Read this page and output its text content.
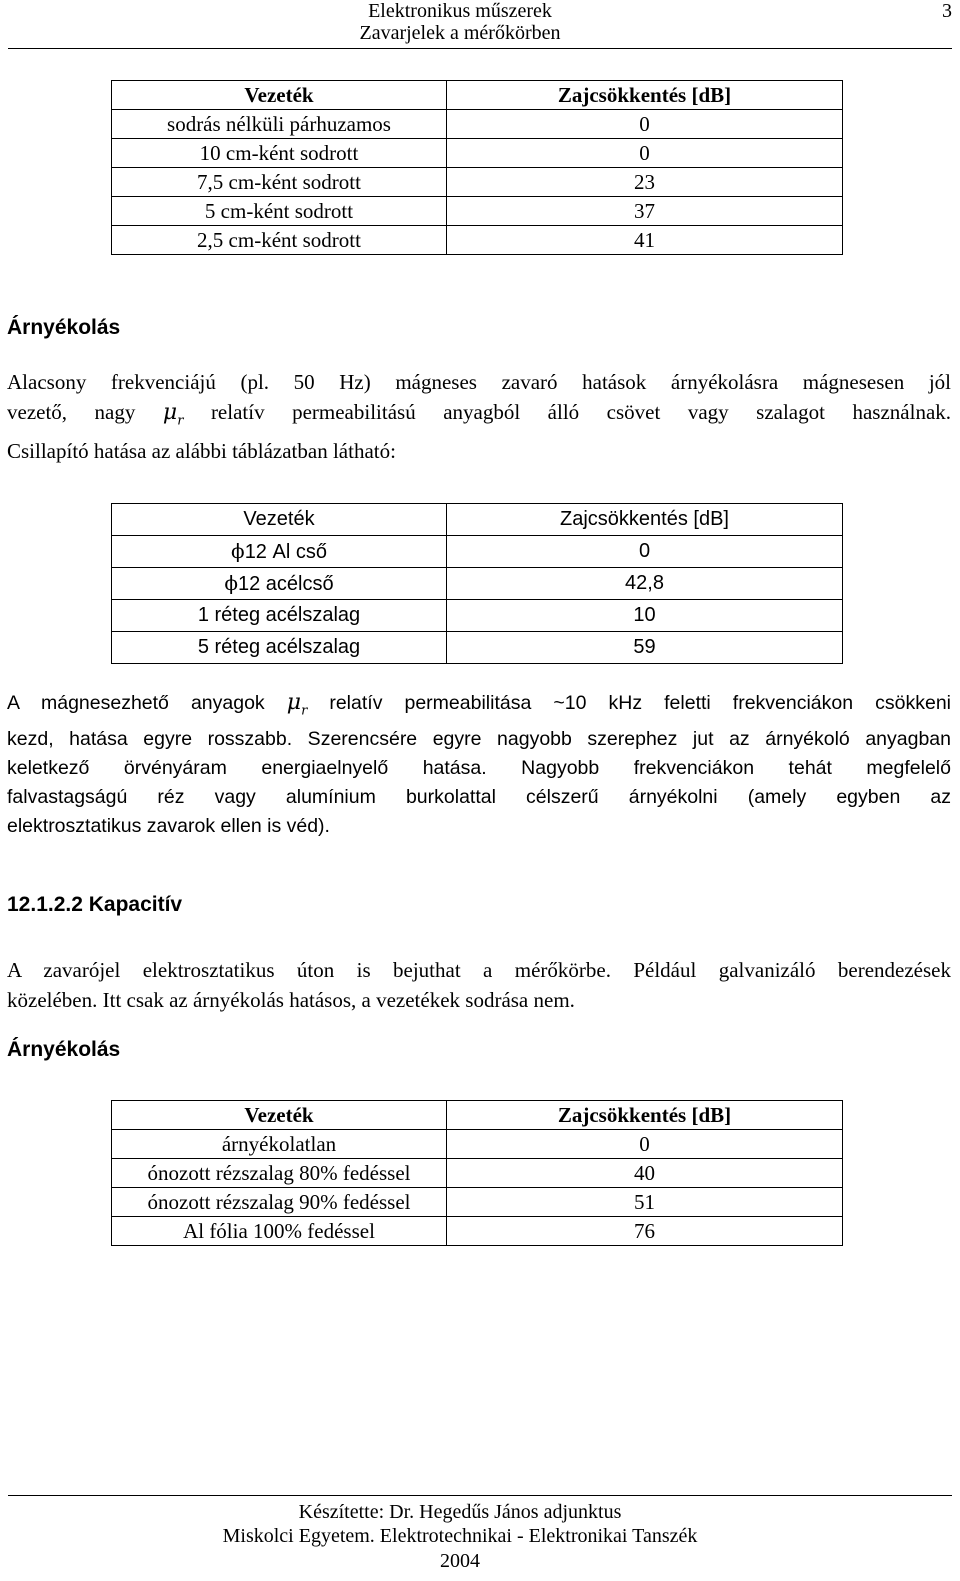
Elektronikus műszerek
Zavarjelek a mérőkörben
3
Vezeték	Zajcsökkentés [dB]
sodrás nélküli párhuzamos	0
10 cm-ként sodrott	0
7,5 cm-ként sodrott	23
5 cm-ként sodrott	37
2,5 cm-ként sodrott	41
Árnyékolás
Alacsony frekvenciájú (pl. 50 Hz) mágneses zavaró hatások árnyékolásra mágnesesen jól
vezető, nagy $\mu_r$ relatív permeabilitású anyagból álló csövet vagy szalagot használnak.
Csillapító hatása az alábbi táblázatban látható:
Vezeték	Zajcsökkentés [dB]
ϕ12 Al cső	0
ϕ12 acélcső	42,8
1 réteg acélszalag	10
5 réteg acélszalag	59
A mágnesezhető anyagok $\mu_r$ relatív permeabilitása ~10 kHz feletti frekvenciákon csökkeni
kezd, hatása egyre rosszabb. Szerencsére egyre nagyobb szerephez jut az árnyékoló anyagban
keletkező örvényáram energiaelnyelő hatása. Nagyobb frekvenciákon tehát megfelelő
falvastagságú réz vagy alumínium burkolattal célszerű árnyékolni (amely egyben az
elektrosztatikus zavarok ellen is véd).
12.1.2.2 Kapacitív
A zavarójel elektrosztatikus úton is bejuthat a mérőkörbe. Például galvanizáló berendezések
közelében. Itt csak az árnyékolás hatásos, a vezetékek sodrása nem.
Árnyékolás
Vezeték	Zajcsökkentés [dB]
árnyékolatlan	0
ónozott rézszalag 80% fedéssel	40
ónozott rézszalag 90% fedéssel	51
Al fólia 100% fedéssel	76
Készítette: Dr. Hegedűs János adjunktus
Miskolci Egyetem. Elektrotechnikai - Elektronikai Tanszék
2004
